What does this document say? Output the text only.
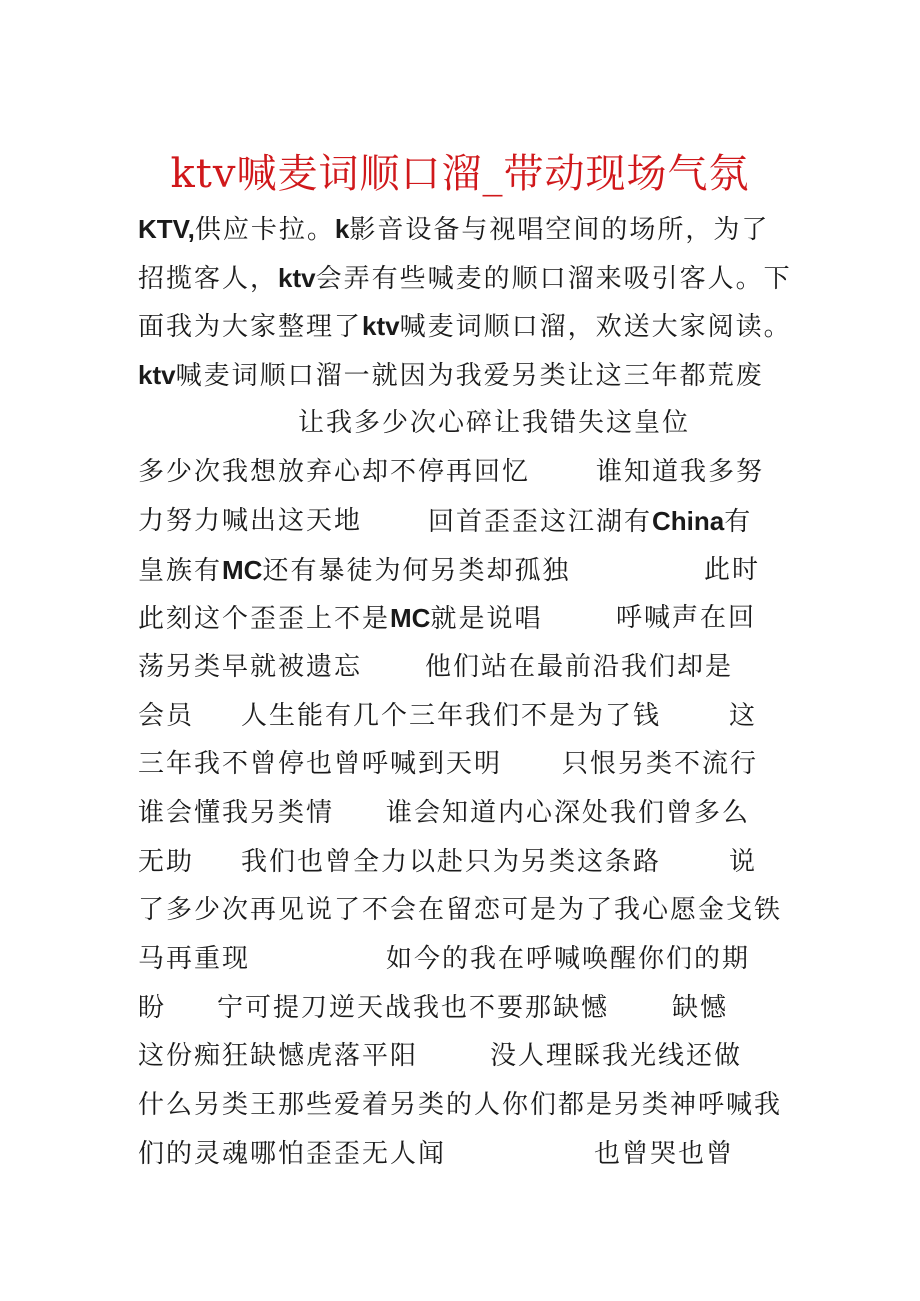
ktv喊麦词顺口溜_带动现场气氛
KTV,供应卡拉。k影音设备与视唱空间的场所，为了
招揽客人，ktv会弄有些喊麦的顺口溜来吸引客人。下
面我为大家整理了ktv喊麦词顺口溜，欢送大家阅读。
ktv喊麦词顺口溜一就因为我爱另类让这三年都荒废
让我多少次心碎让我错失这皇位
多少次我想放弃心却不停再回忆	谁知道我多努
力努力喊出这天地	回首歪歪这江湖有China有
皇族有MC还有暴徒为何另类却孤独	此时
此刻这个歪歪上不是MC就是说唱	呼喊声在回
荡另类早就被遗忘 他们站在最前沿我们却是
会员 人生能有几个三年我们不是为了钱	这
三年我不曾停也曾呼喊到天明 只恨另类不流行
谁会懂我另类情 谁会知道内心深处我们曾多么
无助 我们也曾全力以赴只为另类这条路	说
了多少次再见说了不会在留恋可是为了我心愿金戈铁
马再重现	如今的我在呼喊唤醒你们的期
盼 宁可提刀逆天战我也不要那缺憾 缺憾
这份痴狂缺憾虎落平阳	没人理睬我光线还做
什么另类王那些爱着另类的人你们都是另类神呼喊我
们的灵魂哪怕歪歪无人闻	也曾哭也曾
